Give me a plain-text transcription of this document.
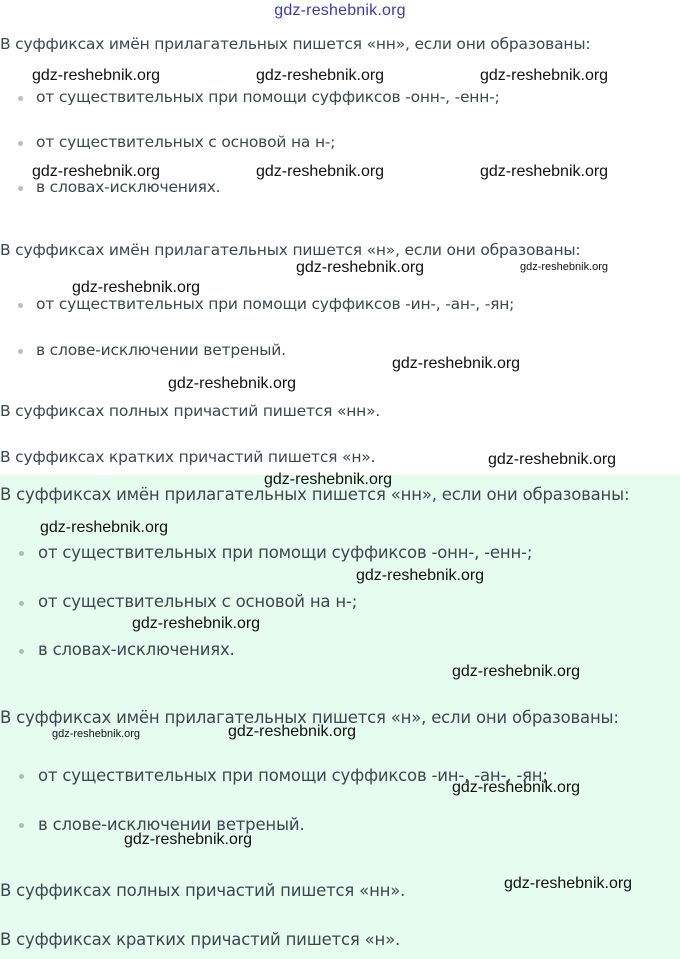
gdz-reshebnik.org
В суффиксах имён прилагательных пишется «нн», если они образованы:
от существительных при помощи суффиксов -онн-, -енн-;
от существительных с основой на н-;
в словах-исключениях.
В суффиксах имён прилагательных пишется «н», если они образованы:
от существительных при помощи суффиксов -ин-, -ан-, -ян;
в слове-исключении ветреный.
В суффиксах полных причастий пишется «нн».
В суффиксах кратких причастий пишется «н».
В суффиксах имён прилагательных пишется «нн», если они образованы:
от существительных при помощи суффиксов -онн-, -енн-;
от существительных с основой на н-;
в словах-исключениях.
В суффиксах имён прилагательных пишется «н», если они образованы:
от существительных при помощи суффиксов -ин-, -ан-, -ян;
в слове-исключении ветреный.
В суффиксах полных причастий пишется «нн».
В суффиксах кратких причастий пишется «н».
gdz-reshebnik.org	gdz-reshebnik.org	gdz-reshebnik.org
gdz-reshebnik.org	gdz-reshebnik.org	gdz-reshebnik.org
gdz-reshebnik.org	gdz-reshebnik.org
gdz-reshebnik.org
gdz-reshebnik.org
gdz-reshebnik.org
gdz-reshebnik.org
gdz-reshebnik.org
gdz-reshebnik.org
gdz-reshebnik.org
gdz-reshebnik.org
gdz-reshebnik.org
gdz-reshebnik.org	gdz-reshebnik.org
gdz-reshebnik.org
gdz-reshebnik.org
gdz-reshebnik.org
